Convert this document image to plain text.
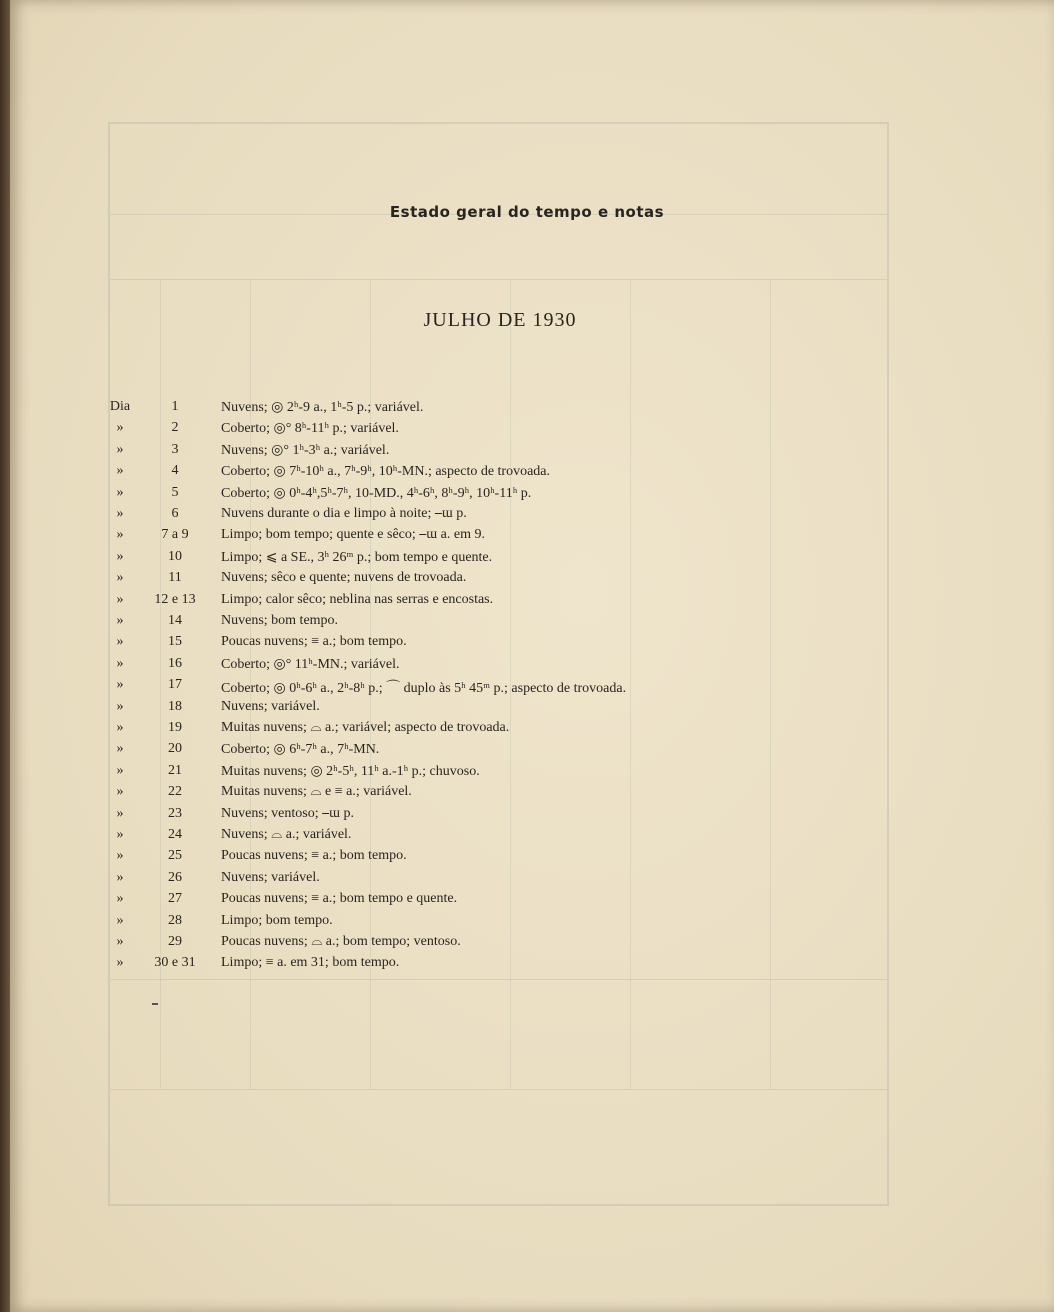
Estado geral do tempo e notas
JULHO DE 1930
Dia	1	Nuvens; ◎ 2ʰ-9 a., 1ʰ-5 p.; variável.
»	2	Coberto; ◎° 8ʰ-11ʰ p.; variável.
»	3	Nuvens; ◎° 1ʰ-3ʰ a.; variável.
»	4	Coberto; ◎ 7ʰ-10ʰ a., 7ʰ-9ʰ, 10ʰ-MN.; aspecto de trovoada.
»	5	Coberto; ◎ 0ʰ-4ʰ,5ʰ-7ʰ, 10-MD., 4ʰ-6ʰ, 8ʰ-9ʰ, 10ʰ-11ʰ p.
»	6	Nuvens durante o dia e limpo à noite; ⎯ɯ p.
»	7 a 9	Limpo; bom tempo; quente e sêco; ⎯ɯ a. em 9.
»	10	Limpo; ⩽ a SE., 3ʰ 26ᵐ p.; bom tempo e quente.
»	11	Nuvens; sêco e quente; nuvens de trovoada.
»	12 e 13	Limpo; calor sêco; neblina nas serras e encostas.
»	14	Nuvens; bom tempo.
»	15	Poucas nuvens; ≡ a.; bom tempo.
»	16	Coberto; ◎° 11ʰ-MN.; variável.
»	17	Coberto; ◎ 0ʰ-6ʰ a., 2ʰ-8ʰ p.; ⌒ duplo às 5ʰ 45ᵐ p.; aspecto de trovoada.
»	18	Nuvens; variável.
»	19	Muitas nuvens; ⌓ a.; variável; aspecto de trovoada.
»	20	Coberto; ◎ 6ʰ-7ʰ a., 7ʰ-MN.
»	21	Muitas nuvens; ◎ 2ʰ-5ʰ, 11ʰ a.-1ʰ p.; chuvoso.
»	22	Muitas nuvens; ⌓ e ≡ a.; variável.
»	23	Nuvens; ventoso; ⎯ɯ p.
»	24	Nuvens; ⌓ a.; variável.
»	25	Poucas nuvens; ≡ a.; bom tempo.
»	26	Nuvens; variável.
»	27	Poucas nuvens; ≡ a.; bom tempo e quente.
»	28	Limpo; bom tempo.
»	29	Poucas nuvens; ⌓ a.; bom tempo; ventoso.
»	30 e 31	Limpo; ≡ a. em 31; bom tempo.
